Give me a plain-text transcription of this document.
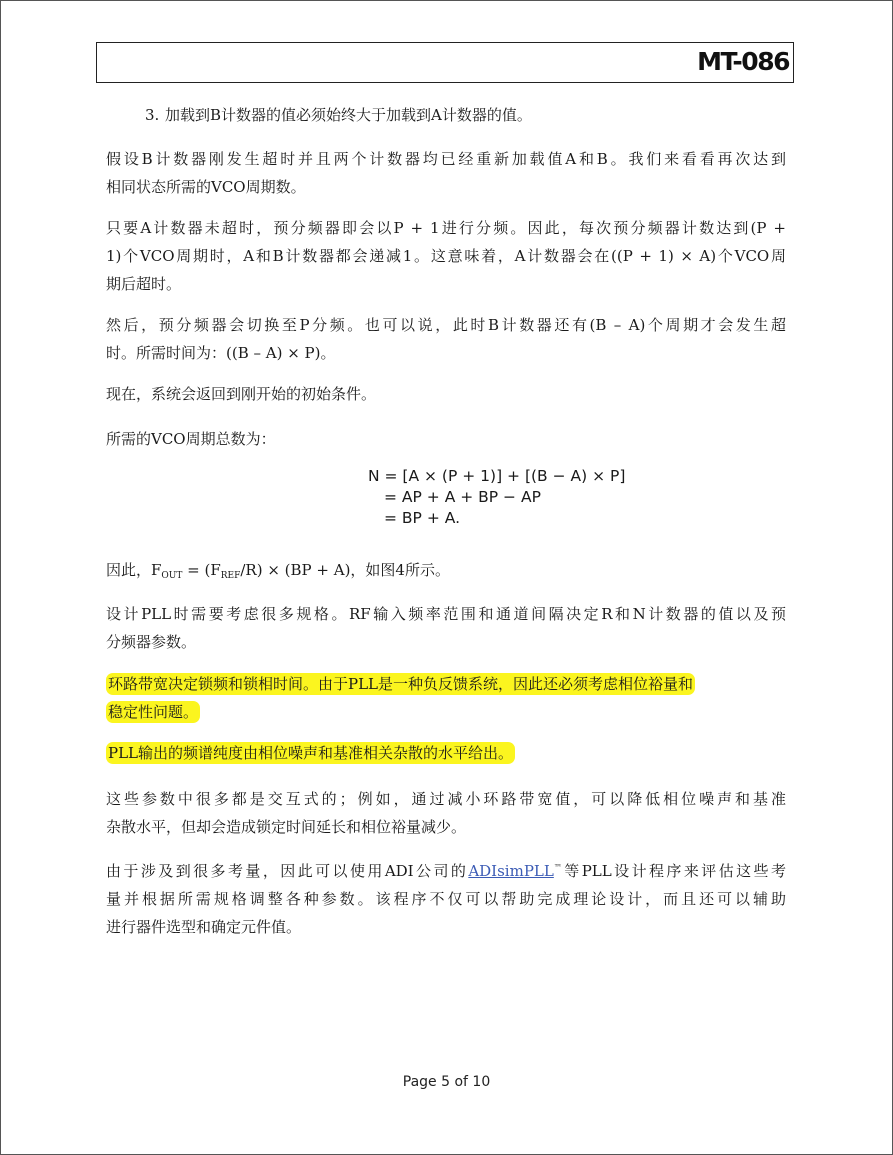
MT-086
3. 加载到B计数器的值必须始终大于加载到A计数器的值。
假设B计数器刚发生超时并且两个计数器均已经重新加载值A和B。我们来看看再次达到
相同状态所需的VCO周期数。
只要A计数器未超时，预分频器即会以P + 1进行分频。因此，每次预分频器计数达到(P +
1)个VCO周期时，A和B计数器都会递减1。这意味着，A计数器会在((P + 1) × A)个VCO周
期后超时。
然后，预分频器会切换至P分频。也可以说，此时B计数器还有(B – A)个周期才会发生超
时。所需时间为：((B – A) × P)。
现在，系统会返回到刚开始的初始条件。
所需的VCO周期总数为：
N = [A × (P + 1)] + [(B − A) × P]
= AP + A + BP − AP
= BP + A.
因此，$F_{OUT} = (F_{REF}/R) \times (BP + A)$，如图4所示。
设计PLL时需要考虑很多规格。RF输入频率范围和通道间隔决定R和N计数器的值以及预
分频器参数。
环路带宽决定锁频和锁相时间。由于PLL是一种负反馈系统，因此还必须考虑相位裕量和
稳定性问题。
PLL输出的频谱纯度由相位噪声和基准相关杂散的水平给出。
这些参数中很多都是交互式的；例如，通过减小环路带宽值，可以降低相位噪声和基准
杂散水平，但却会造成锁定时间延长和相位裕量减少。
由于涉及到很多考量，因此可以使用ADI公司的ADIsimPLL™等PLL设计程序来评估这些考
量并根据所需规格调整各种参数。该程序不仅可以帮助完成理论设计，而且还可以辅助
进行器件选型和确定元件值。
Page 5 of 10
